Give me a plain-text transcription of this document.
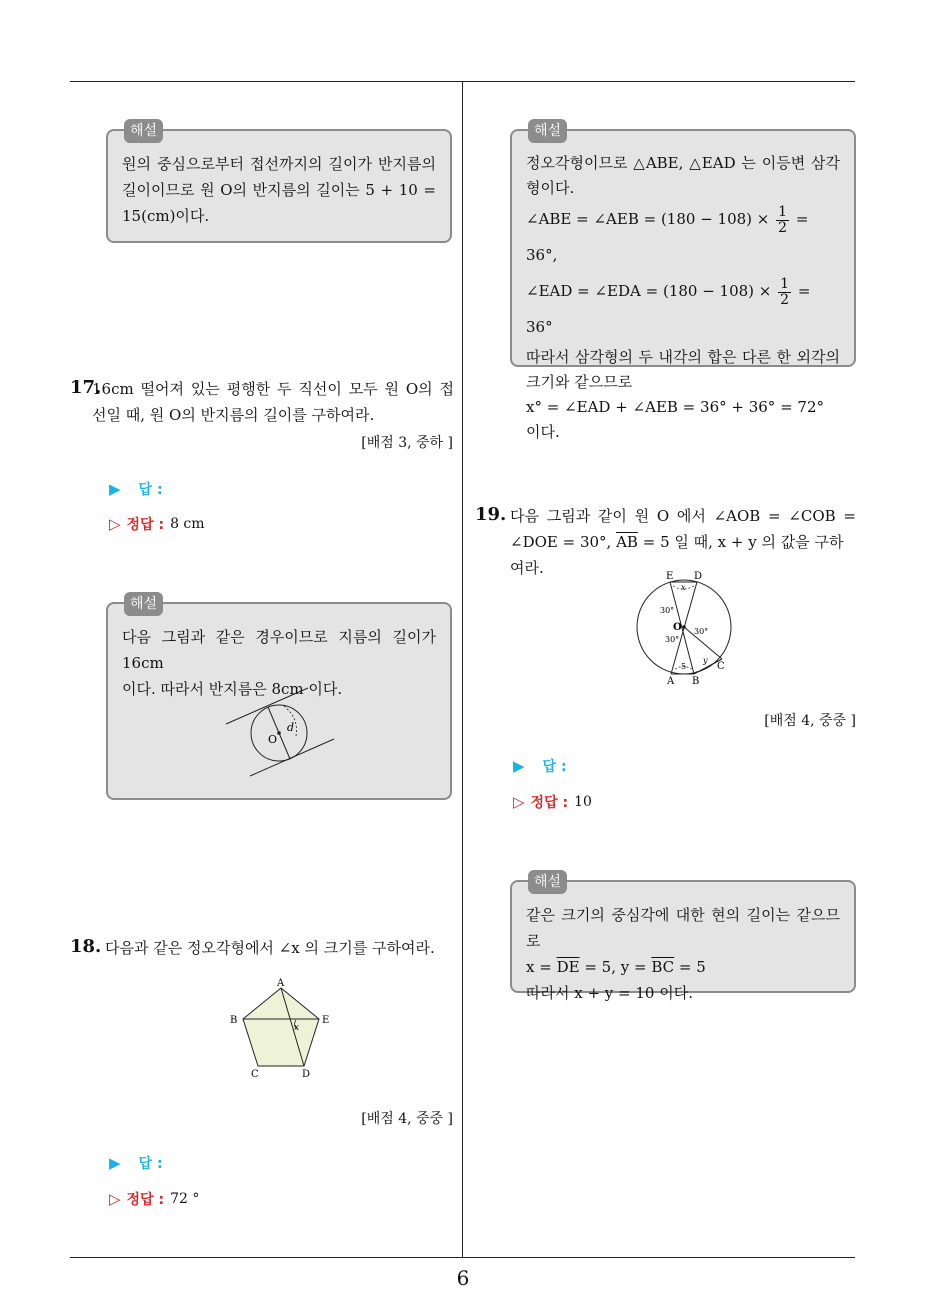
6
해설

원의 중심으로부터 접선까지의 길이가 반지름의

길이이므로 원 O의 반지름의 길이는 5 + 10 =

15(cm)이다.

17.
16cm 떨어져 있는 평행한 두 직선이 모두 원 O의 접
선일 때, 원 O의 반지름의 길이를 구하여라.
[배점 3, 중하 ]
▶ 답 :
▷ 정답 : 8 cm
해설

다음 그림과 같은 경우이므로 지름의 길이가 16cm

이다. 따라서 반지름은 8cm 이다.

O
d
18. 다음과 같은 정오각형에서 ∠x 의 크기를 구하여라.
A
B	E
C	D
x
[배점 4, 중중 ]
▶ 답 :
▷ 정답 : 72 °
해설

정오각형이므로 △ABE, △EAD 는 이등변 삼각

형이다.

∠ABE = ∠AEB = $(180 - 108) \times \frac{1}{2} = 36^\circ$,

∠EAD = ∠EDA = $(180 - 108) \times \frac{1}{2} = 36^\circ$

따라서 삼각형의 두 내각의 합은 다른 한 외각의

크기와 같으므로

x° = ∠EAD + ∠AEB = 36° + 36° = 72° 이다.

19. 다음 그림과 같이 원 O 에서 ∠AOB = ∠COB =
∠DOE = 30°, $\overline{AB} = 5$ 일 때, x + y 의 값을 구하여라.	E D
x
30°
O 30°
30°
5
y
C
A B
[배점 4, 중중 ]
▶ 답 :
▷ 정답 : 10
해설

같은 크기의 중심각에 대한 현의 길이는 같으므로

$x = \overline{DE} = 5$, $y = \overline{BC} = 5$

따라서 x + y = 10 이다.
